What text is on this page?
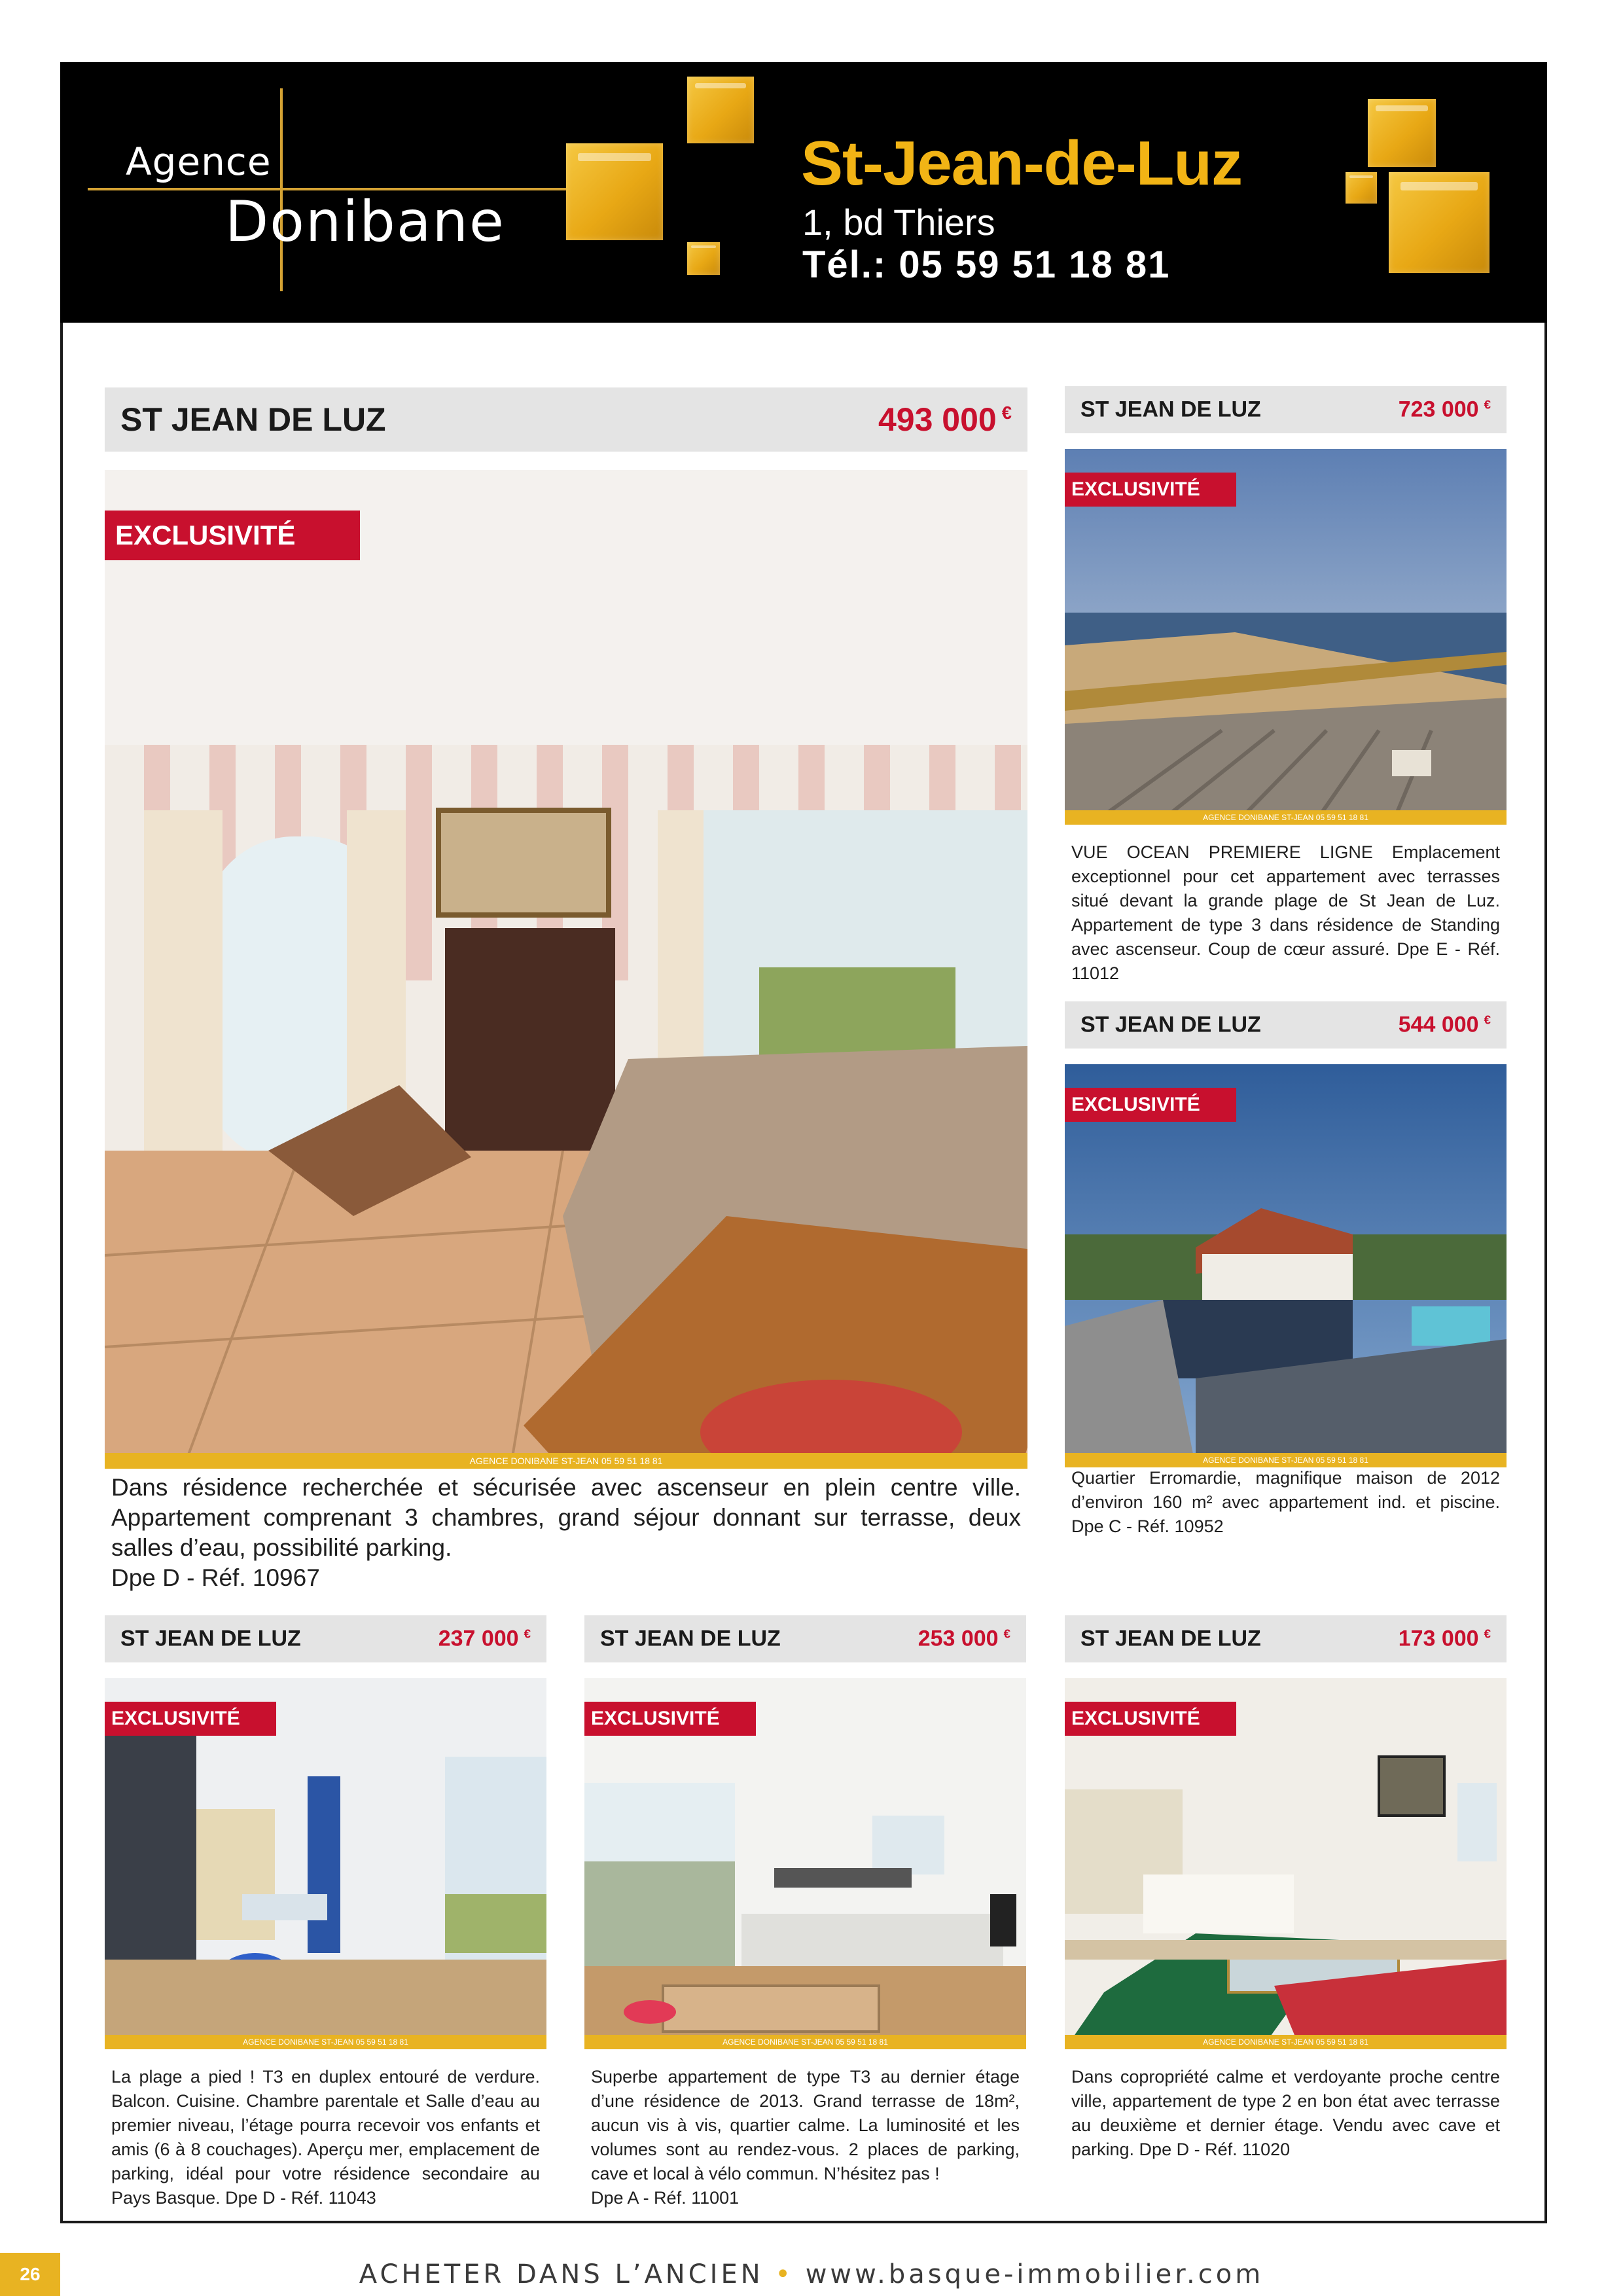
Agence
Donibane
St-Jean-de-Luz
1, bd Thiers
Tél.: 05 59 51 18 81
ST JEAN DE LUZ	493 000 €
EXCLUSIVITÉ
AGENCE DONIBANE ST-JEAN 05 59 51 18 81
Dans résidence recherchée et sécurisée avec ascenseur en plein centre ville. Appartement comprenant 3 chambres, grand séjour donnant sur terrasse, deux salles d’eau, possibilité parking.
Dpe D - Réf. 10967
ST JEAN DE LUZ	723 000 €
EXCLUSIVITÉ
AGENCE DONIBANE ST-JEAN 05 59 51 18 81
VUE OCEAN PREMIERE LIGNE Emplacement exceptionnel pour cet appartement avec terrasses situé devant la grande plage de St Jean de Luz. Appartement de type 3 dans résidence de Standing avec ascenseur. Coup de cœur assuré. Dpe E - Réf. 11012
ST JEAN DE LUZ	544 000 €
EXCLUSIVITÉ
AGENCE DONIBANE ST-JEAN 05 59 51 18 81
Quartier Erromardie, magnifique maison de 2012 d’environ 160 m² avec appartement ind. et piscine. Dpe C - Réf. 10952
ST JEAN DE LUZ	237 000 €
EXCLUSIVITÉ
AGENCE DONIBANE ST-JEAN 05 59 51 18 81
La plage a pied ! T3 en duplex entouré de verdure. Balcon. Cuisine. Chambre parentale et Salle d’eau au premier niveau, l’étage pourra recevoir vos enfants et amis (6 à 8 couchages). Aperçu mer, emplacement de parking, idéal pour votre résidence secondaire au Pays Basque. Dpe D - Réf. 11043
ST JEAN DE LUZ	253 000 €
EXCLUSIVITÉ
AGENCE DONIBANE ST-JEAN 05 59 51 18 81
Superbe appartement de type T3 au dernier étage d’une résidence de 2013. Grand terrasse de 18m², aucun vis à vis, quartier calme. La luminosité et les volumes sont au rendez-vous. 2 places de parking, cave et local à vélo commun. N’hésitez pas !
Dpe A - Réf. 11001
ST JEAN DE LUZ	173 000 €
EXCLUSIVITÉ
AGENCE DONIBANE ST-JEAN 05 59 51 18 81
Dans copropriété calme et verdoyante proche centre ville, appartement de type 2 en bon état avec terrasse au deuxième et dernier étage. Vendu avec cave et parking. Dpe D - Réf. 11020
26	ACHETER DANS L’ANCIEN • www.basque-immobilier.com
